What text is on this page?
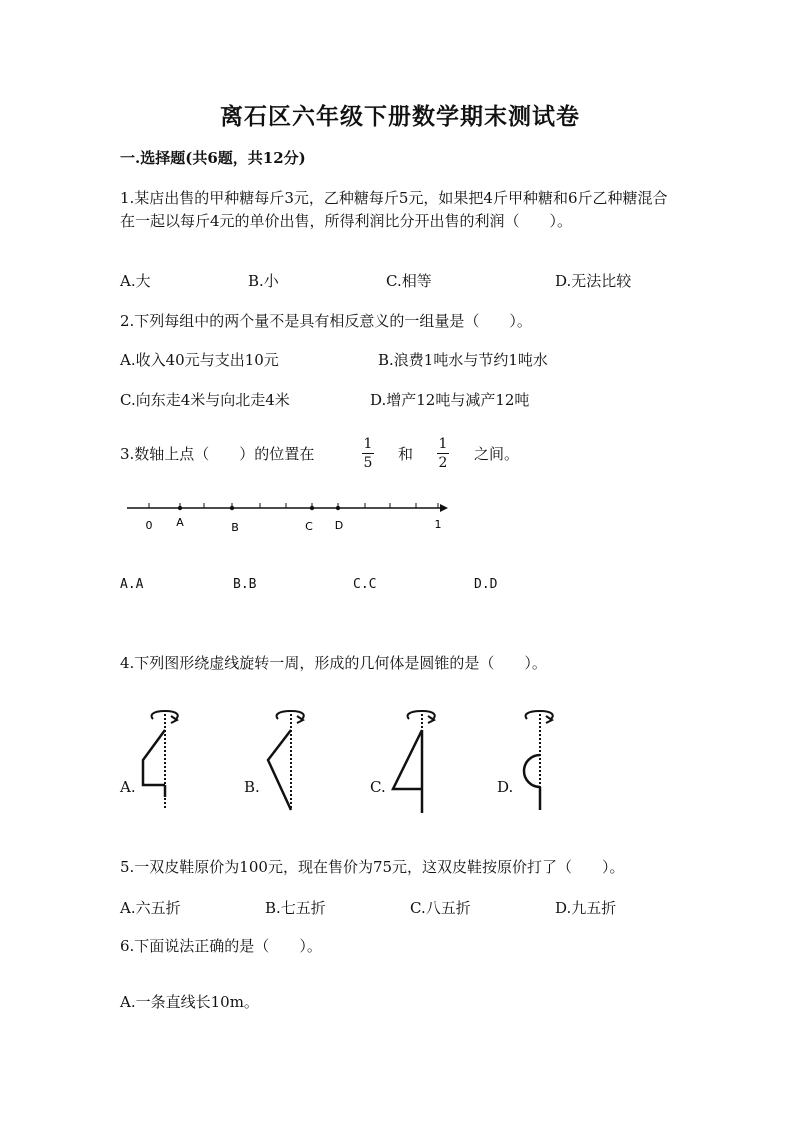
离石区六年级下册数学期末测试卷
一.选择题(共6题，共12分)
1.某店出售的甲种糖每斤3元，乙种糖每斤5元，如果把4斤甲种糖和6斤乙种糖混合在一起以每斤4元的单价出售，所得利润比分开出售的利润（　　）。
A.大	B.小	C.相等	D.无法比较
2.下列每组中的两个量不是具有相反意义的一组量是（　　）。
A.收入40元与支出10元	B.浪费1吨水与节约1吨水
C.向东走4米与向北走4米	D.增产12吨与减产12吨
3.数轴上点（　　）的位置在
1
5 和
1
2 之间。
0 A	B	C D	1
A.A	B.B	C.C	D.D
4.下列图形绕虚线旋转一周，形成的几何体是圆锥的是（　　）。
A.	B.	C.	D.
5.一双皮鞋原价为100元，现在售价为75元，这双皮鞋按原价打了（　　）。
A.六五折	B.七五折	C.八五折	D.九五折
6.下面说法正确的是（　　）。
A.一条直线长10m。
